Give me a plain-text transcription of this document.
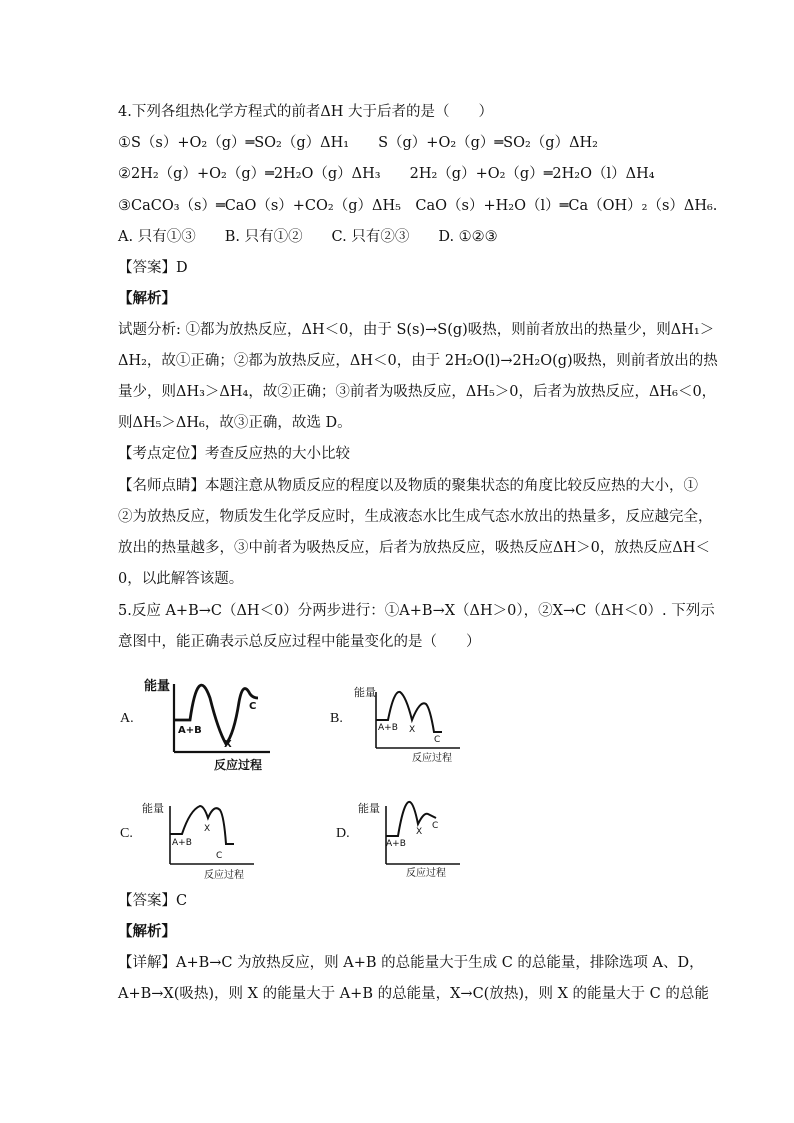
4.下列各组热化学方程式的前者ΔH 大于后者的是（　　）
①S（s）+O₂（g）═SO₂（g）ΔH₁　　S（g）+O₂（g）═SO₂（g）ΔH₂
②2H₂（g）+O₂（g）═2H₂O（g）ΔH₃　　2H₂（g）+O₂（g）═2H₂O（l）ΔH₄
③CaCO₃（s）═CaO（s）+CO₂（g）ΔH₅　CaO（s）+H₂O（l）═Ca（OH）₂（s）ΔH₆.
A. 只有①③　　B. 只有①②　　C. 只有②③　　D. ①②③
【答案】D
【解析】
试题分析: ①都为放热反应，ΔH＜0，由于 S(s)→S(g)吸热，则前者放出的热量少，则ΔH₁＞
ΔH₂，故①正确；②都为放热反应，ΔH＜0，由于 2H₂O(l)→2H₂O(g)吸热，则前者放出的热
量少，则ΔH₃＞ΔH₄，故②正确；③前者为吸热反应，ΔH₅＞0，后者为放热反应，ΔH₆＜0，
则ΔH₅＞ΔH₆，故③正确，故选 D。
【考点定位】考查反应热的大小比较
【名师点睛】本题注意从物质反应的程度以及物质的聚集状态的角度比较反应热的大小，①
②为放热反应，物质发生化学反应时，生成液态水比生成气态水放出的热量多，反应越完全，
放出的热量越多，③中前者为吸热反应，后者为放热反应，吸热反应ΔH＞0，放热反应ΔH＜
0，以此解答该题。
5.反应 A+B→C（ΔH＜0）分两步进行：①A+B→X（ΔH＞0），②X→C（ΔH＜0）. 下列示
意图中，能正确表示总反应过程中能量变化的是（　　）
A.
能量
A+B
X
C
反应过程
B.
能量
A+B X
C
反应过程
C.
能量
A+B
X
C
反应过程
D.
能量
A+B
X
C
反应过程
【答案】C
【解析】
【详解】A+B→C 为放热反应，则 A+B 的总能量大于生成 C 的总能量，排除选项 A、D，
A+B→X(吸热)，则 X 的能量大于 A+B 的总能量，X→C(放热)，则 X 的能量大于 C 的总能
